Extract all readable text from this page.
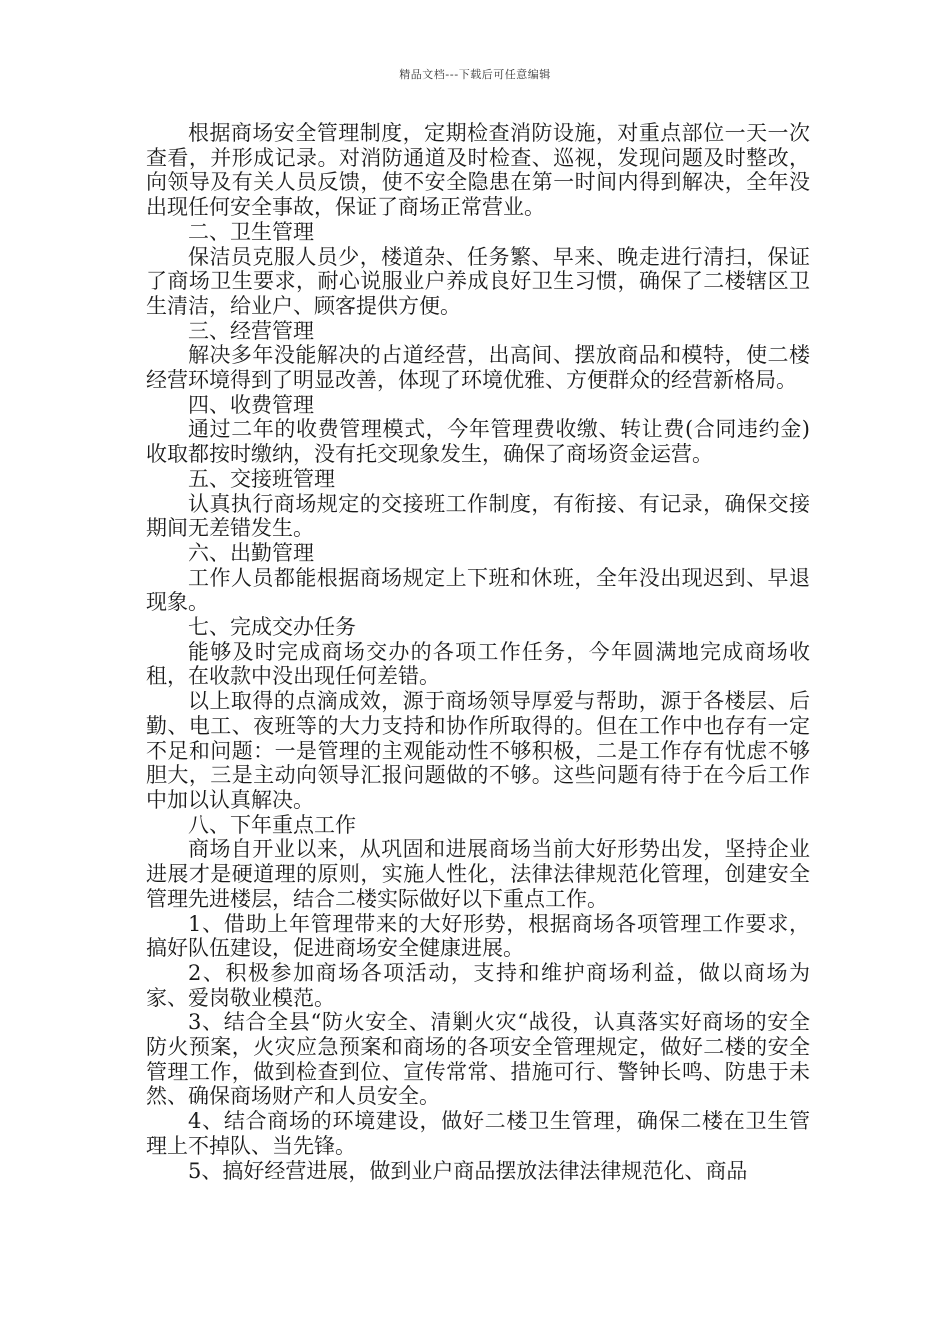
精品文档---下载后可任意编辑

根据商场安全管理制度，定期检查消防设施，对重点部位一天一次查看，并形成记录。对消防通道及时检查、巡视，发现问题及时整改，向领导及有关人员反馈，使不安全隐患在第一时间内得到解决，全年没出现任何安全事故，保证了商场正常营业。

二、卫生管理

保洁员克服人员少，楼道杂、任务繁、早来、晚走进行清扫，保证了商场卫生要求，耐心说服业户养成良好卫生习惯，确保了二楼辖区卫生清洁，给业户、顾客提供方便。

三、经营管理

解决多年没能解决的占道经营，出高间、摆放商品和模特，使二楼经营环境得到了明显改善，体现了环境优雅、方便群众的经营新格局。

四、收费管理

通过二年的收费管理模式，今年管理费收缴、转让费(合同违约金)收取都按时缴纳，没有托交现象发生，确保了商场资金运营。

五、交接班管理

认真执行商场规定的交接班工作制度，有衔接、有记录，确保交接期间无差错发生。

六、出勤管理

工作人员都能根据商场规定上下班和休班，全年没出现迟到、早退现象。

七、完成交办任务

能够及时完成商场交办的各项工作任务，今年圆满地完成商场收租，在收款中没出现任何差错。

以上取得的点滴成效，源于商场领导厚爱与帮助，源于各楼层、后勤、电工、夜班等的大力支持和协作所取得的。但在工作中也存有一定不足和问题：一是管理的主观能动性不够积极，二是工作存有忧虑不够胆大，三是主动向领导汇报问题做的不够。这些问题有待于在今后工作中加以认真解决。

八、下年重点工作

商场自开业以来，从巩固和进展商场当前大好形势出发，坚持企业进展才是硬道理的原则，实施人性化，法律法律规范化管理，创建安全管理先进楼层，结合二楼实际做好以下重点工作。

1、借助上年管理带来的大好形势，根据商场各项管理工作要求，搞好队伍建设，促进商场安全健康进展。

2、积极参加商场各项活动，支持和维护商场利益，做以商场为家、爱岗敬业模范。

3、结合全县“防火安全、清剿火灾“战役，认真落实好商场的安全防火预案，火灾应急预案和商场的各项安全管理规定，做好二楼的安全管理工作，做到检查到位、宣传常常、措施可行、警钟长鸣、防患于未然、确保商场财产和人员安全。

4、结合商场的环境建设，做好二楼卫生管理，确保二楼在卫生管理上不掉队、当先锋。

5、搞好经营进展，做到业户商品摆放法律法律规范化、商品
